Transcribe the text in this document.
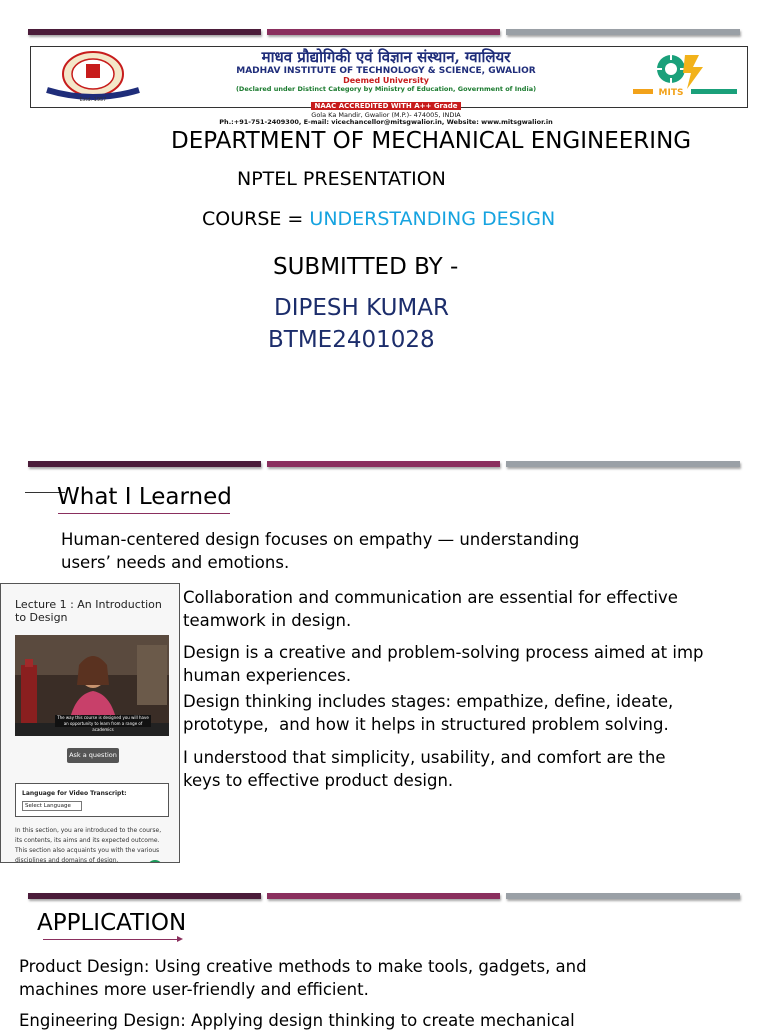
Estd. 1957
माधव प्रौद्योगिकी एवं विज्ञान संस्थान, ग्वालियर
MADHAV INSTITUTE OF TECHNOLOGY & SCIENCE, GWALIOR
Deemed University
(Declared under Distinct Category by Ministry of Education, Government of India)
NAAC ACCREDITED WITH A++ Grade
Gola Ka Mandir, Gwalior (M.P.)- 474005, INDIA
Ph.:+91-751-2409300, E-mail: vicechancellor@mitsgwalior.in, Website: www.mitsgwalior.in
MITS
DEPARTMENT OF MECHANICAL ENGINEERING
NPTEL PRESENTATION
COURSE = UNDERSTANDING DESIGN
SUBMITTED BY -
DIPESH KUMAR
BTME2401028
What I Learned
Human-centered design focuses on empathy — understanding
users’ needs and emotions.
Collaboration and communication are essential for effective
teamwork in design.
Design is a creative and problem-solving process aimed at imp
human experiences.
Design thinking includes stages: empathize, define, ideate,
prototype,  and how it helps in structured problem solving.
I understood that simplicity, usability, and comfort are the
keys to effective product design.
Lecture 1 : An Introduction to Design
The way this course is designed you will have an opportunity to learn from a range of academics
Ask a question
Language for Video Transcript:
Select Language
In this section, you are introduced to the course, its contents, its aims and its expected outcome. This section also acquaints you with the various disciplines and domains of design.
APPLICATION
Product Design: Using creative methods to make tools, gadgets, and
machines more user-friendly and efficient.
Engineering Design: Applying design thinking to create mechanical
